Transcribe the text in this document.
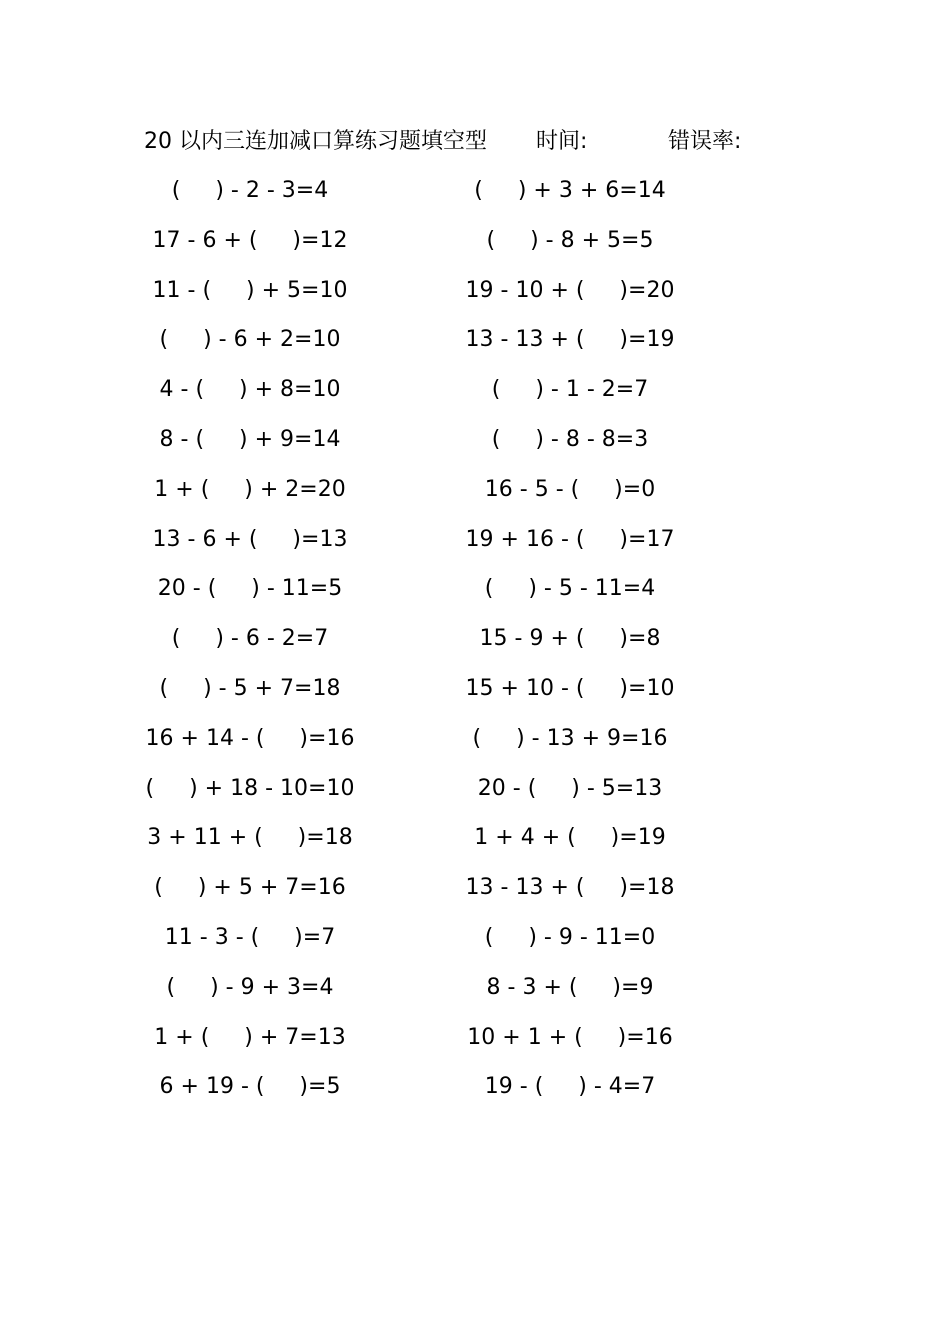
20 以内三连加减口算练习题填空型 时间:	错误率:
(     ) - 2 - 3=4
17 - 6 + (     )=12
11 - (     ) + 5=10
(     ) - 6 + 2=10
4 - (     ) + 8=10
8 - (     ) + 9=14
1 + (     ) + 2=20
13 - 6 + (     )=13
20 - (     ) - 11=5
(     ) - 6 - 2=7
(     ) - 5 + 7=18
16 + 14 - (     )=16
(     ) + 18 - 10=10
3 + 11 + (     )=18
(     ) + 5 + 7=16
11 - 3 - (     )=7
(     ) - 9 + 3=4
1 + (     ) + 7=13
6 + 19 - (     )=5
(     ) + 3 + 6=14
(     ) - 8 + 5=5
19 - 10 + (     )=20
13 - 13 + (     )=19
(     ) - 1 - 2=7
(     ) - 8 - 8=3
16 - 5 - (     )=0
19 + 16 - (     )=17
(     ) - 5 - 11=4
15 - 9 + (     )=8
15 + 10 - (     )=10
(     ) - 13 + 9=16
20 - (     ) - 5=13
1 + 4 + (     )=19
13 - 13 + (     )=18
(     ) - 9 - 11=0
8 - 3 + (     )=9
10 + 1 + (     )=16
19 - (     ) - 4=7
